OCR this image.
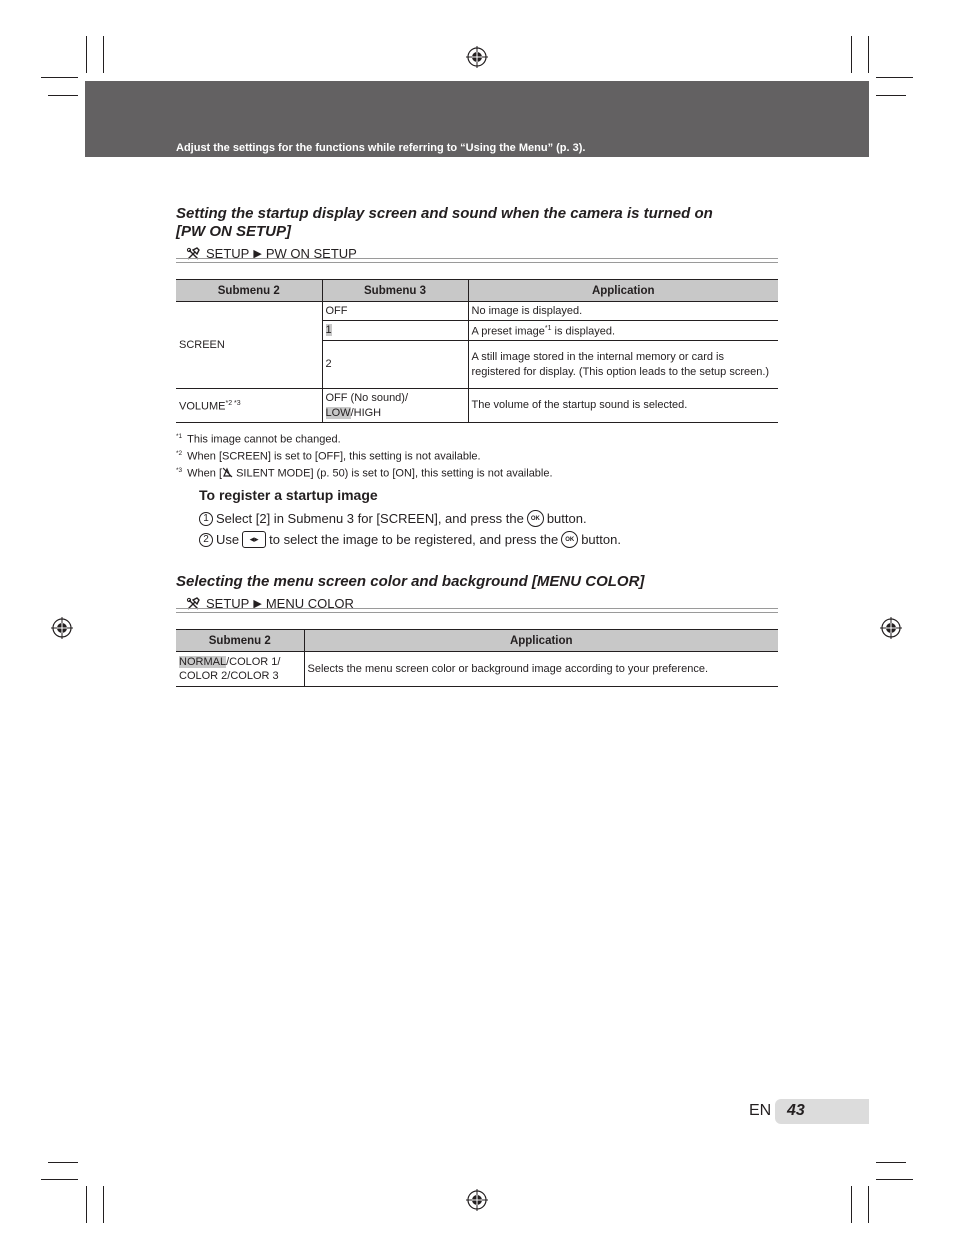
Adjust the settings for the functions while referring to “Using the Menu” (p. 3).
Setting the startup display screen and sound when the camera is turned on
[PW ON SETUP]
SETUP ▶ PW ON SETUP
Submenu 2	Submenu 3	Application
SCREEN	OFF	No image is displayed.
	1	A preset image$^{*1}$ is displayed.
	2	A still image stored in the internal memory or card is registered for display. (This option leads to the setup screen.)
$VOLUME^{*2 *3}$	OFF (No sound)/
LOW/HIGH	The volume of the startup sound is selected.
$^{*1}$ This image cannot be changed.
$^{*2}$ When [SCREEN] is set to [OFF], this setting is not available.
$^{*3}$ When [ SILENT MODE] (p. 50) is set to [ON], this setting is not available.
To register a startup image
1 Select [2] in Submenu 3 for [SCREEN], and press the	OK button.
2 Use	◂▸ to select the image to be registered, and press the	OK button.
Selecting the menu screen color and background [MENU COLOR]
SETUP ▶ MENU COLOR
Submenu 2	Application
NORMAL/COLOR 1/
COLOR 2/COLOR 3	Selects the menu screen color or background image according to your preference.
EN 43
